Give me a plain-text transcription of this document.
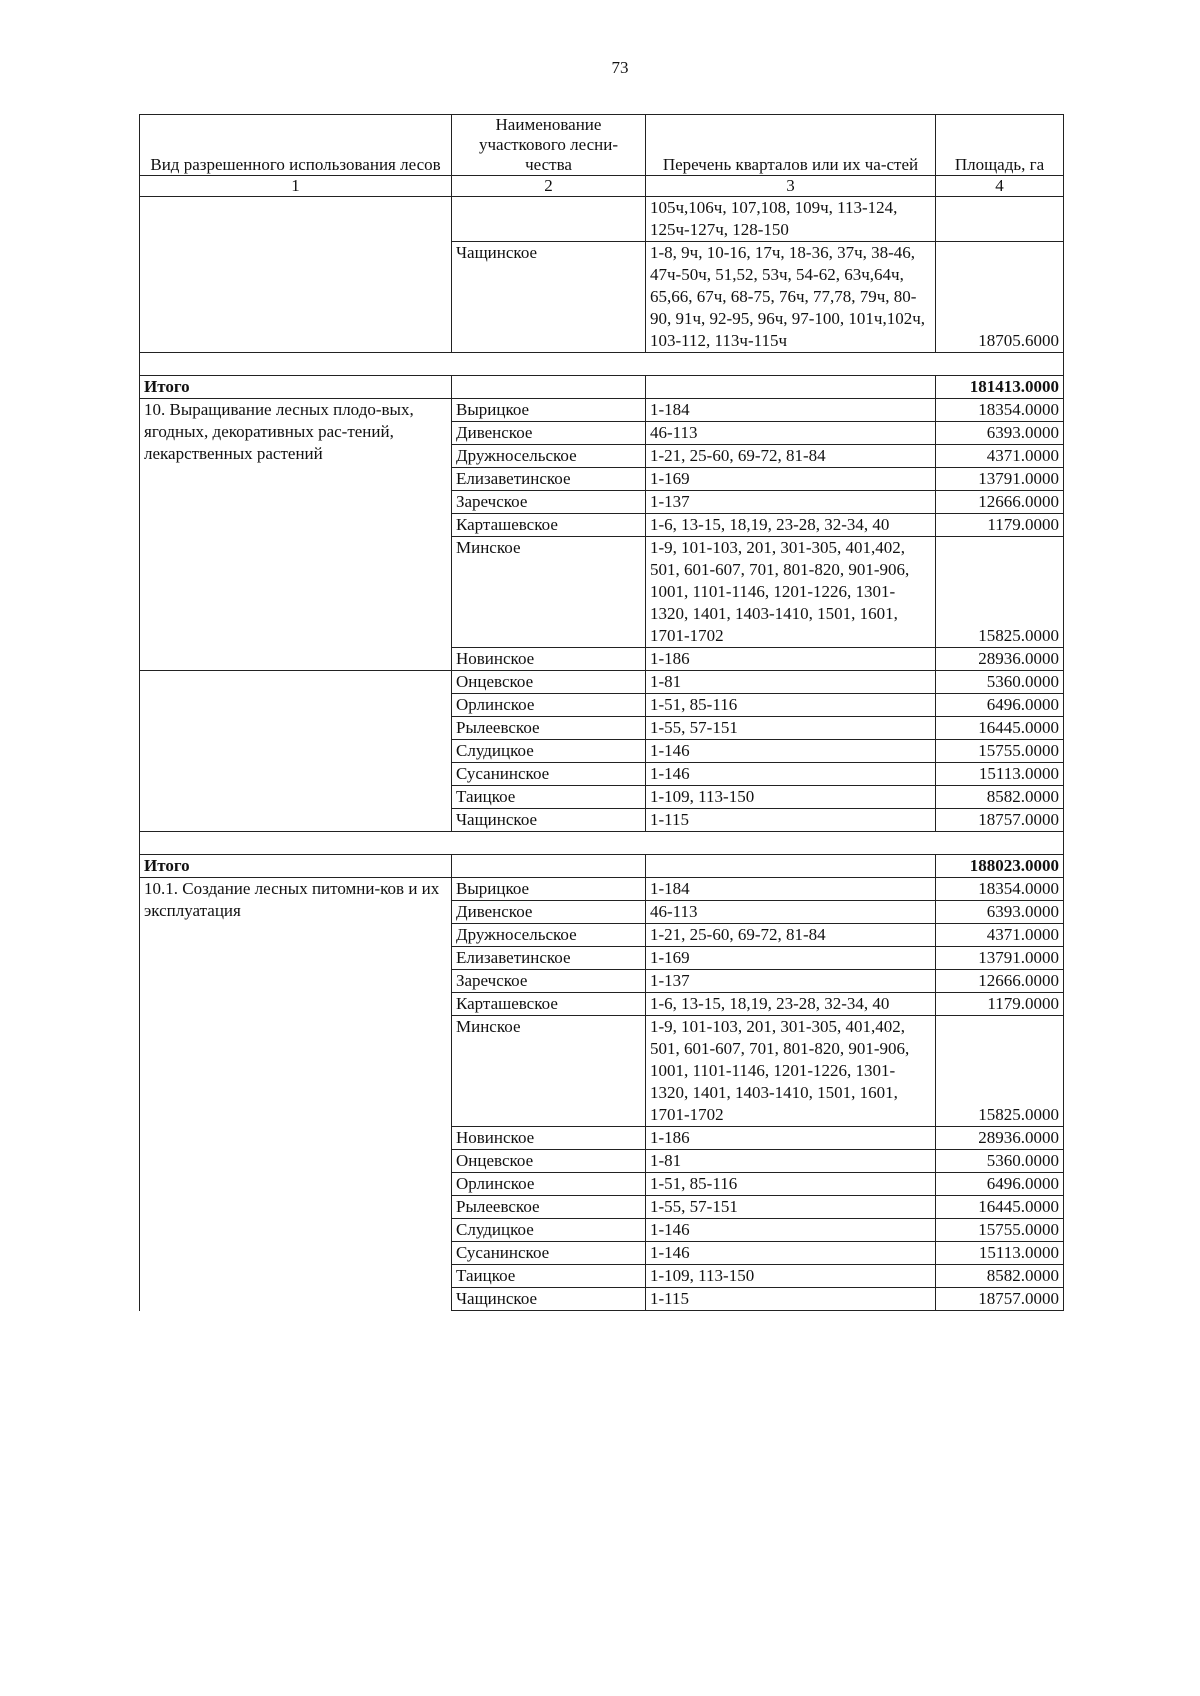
73
Вид разрешенного использования лесов	Наименование участкового лесни-чества	Перечень кварталов или их ча-стей	Площадь, га
1	2	3	4
		105ч,106ч, 107,108, 109ч, 113-124, 125ч-127ч, 128-150	
	Чащинское	1-8, 9ч, 10-16, 17ч, 18-36, 37ч, 38-46, 47ч-50ч, 51,52, 53ч, 54-62, 63ч,64ч, 65,66, 67ч, 68-75, 76ч, 77,78, 79ч, 80-90, 91ч, 92-95, 96ч, 97-100, 101ч,102ч, 103-112, 113ч-115ч	18705.6000

Итого			181413.0000
10. Выращивание лесных плодо-вых, ягодных, декоративных рас-тений, лекарственных растений	Вырицкое	1-184	18354.0000
	Дивенское	46-113	6393.0000
	Дружносельское	1-21, 25-60, 69-72, 81-84	4371.0000
	Елизаветинское	1-169	13791.0000
	Заречское	1-137	12666.0000
	Карташевское	1-6, 13-15, 18,19, 23-28, 32-34, 40	1179.0000
	Минское	1-9, 101-103, 201, 301-305, 401,402, 501, 601-607, 701, 801-820, 901-906, 1001, 1101-1146, 1201-1226, 1301-1320, 1401, 1403-1410, 1501, 1601, 1701-1702	15825.0000
	Новинское	1-186	28936.0000
	Онцевское	1-81	5360.0000
	Орлинское	1-51, 85-116	6496.0000
	Рылеевское	1-55, 57-151	16445.0000
	Слудицкое	1-146	15755.0000
	Сусанинское	1-146	15113.0000
	Таицкое	1-109, 113-150	8582.0000
	Чащинское	1-115	18757.0000

Итого			188023.0000
10.1. Создание лесных питомни-ков и их эксплуатация	Вырицкое	1-184	18354.0000
	Дивенское	46-113	6393.0000
	Дружносельское	1-21, 25-60, 69-72, 81-84	4371.0000
	Елизаветинское	1-169	13791.0000
	Заречское	1-137	12666.0000
	Карташевское	1-6, 13-15, 18,19, 23-28, 32-34, 40	1179.0000
	Минское	1-9, 101-103, 201, 301-305, 401,402, 501, 601-607, 701, 801-820, 901-906, 1001, 1101-1146, 1201-1226, 1301-1320, 1401, 1403-1410, 1501, 1601, 1701-1702	15825.0000
	Новинское	1-186	28936.0000
	Онцевское	1-81	5360.0000
	Орлинское	1-51, 85-116	6496.0000
	Рылеевское	1-55, 57-151	16445.0000
	Слудицкое	1-146	15755.0000
	Сусанинское	1-146	15113.0000
	Таицкое	1-109, 113-150	8582.0000
	Чащинское	1-115	18757.0000
